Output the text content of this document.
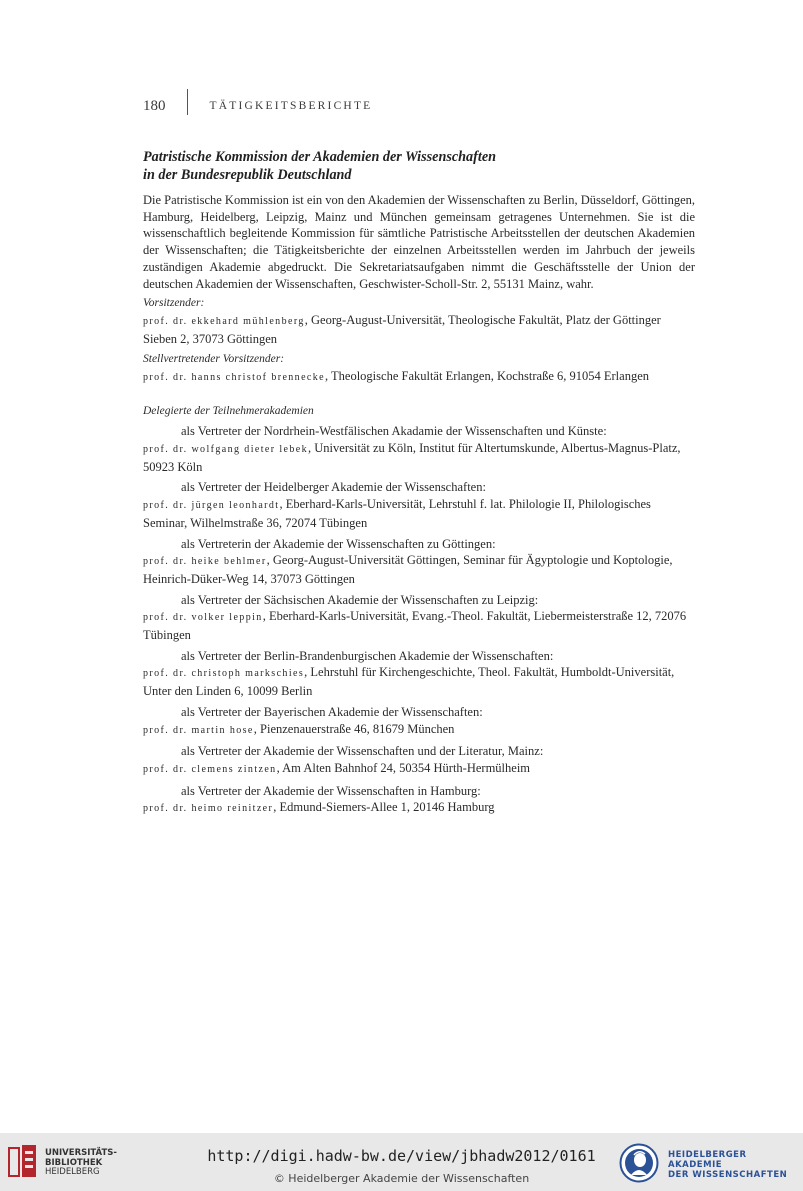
180	TÄTIGKEITSBERICHTE
Patristische Kommission der Akademien der Wissenschaften
in der Bundesrepublik Deutschland

Die Patristische Kommission ist ein von den Akademien der Wissenschaften zu Berlin, Düsseldorf, Göttingen, Hamburg, Heidelberg, Leipzig, Mainz und München gemeinsam getragenes Unternehmen. Sie ist die wissenschaftlich begleitende Kommission für sämtliche Patristische Arbeitsstellen der deutschen Akademien der Wissenschaften; die Tätigkeitsberichte der einzelnen Arbeitsstellen werden im Jahrbuch der jeweils zuständigen Akademie abgedruckt. Die Sekretariatsaufgaben nimmt die Geschäftsstelle der Union der deutschen Akademien der Wissenschaften, Geschwister-Scholl-Str. 2, 55131 Mainz, wahr.

Vorsitzender:

prof. dr. ekkehard mühlenberg, Georg-August-Universität, Theologische Fakultät, Platz der Göttinger Sieben 2, 37073 Göttingen

Stellvertretender Vorsitzender:

prof. dr. hanns christof brennecke, Theologische Fakultät Erlangen, Kochstraße 6, 91054 Erlangen

Delegierte der Teilnehmerakademien
als Vertreter der Nordrhein-Westfälischen Akadamie der Wissenschaften und Künste:
prof. dr. wolfgang dieter lebek, Universität zu Köln, Institut für Altertumskunde, Albertus-Magnus-Platz, 50923 Köln
als Vertreter der Heidelberger Akademie der Wissenschaften:
prof. dr. jürgen leonhardt, Eberhard-Karls-Universität, Lehrstuhl f. lat. Philologie II, Philologisches Seminar, Wilhelmstraße 36, 72074 Tübingen
als Vertreterin der Akademie der Wissenschaften zu Göttingen:
prof. dr. heike behlmer, Georg-August-Universität Göttingen, Seminar für Ägyptologie und Koptologie, Heinrich-Düker-Weg 14, 37073 Göttingen
als Vertreter der Sächsischen Akademie der Wissenschaften zu Leipzig:
prof. dr. volker leppin, Eberhard-Karls-Universität, Evang.-Theol. Fakultät, Liebermeisterstraße 12, 72076 Tübingen
als Vertreter der Berlin-Brandenburgischen Akademie der Wissenschaften:
prof. dr. christoph markschies, Lehrstuhl für Kirchengeschichte, Theol. Fakultät, Humboldt-Universität, Unter den Linden 6, 10099 Berlin
als Vertreter der Bayerischen Akademie der Wissenschaften:
prof. dr. martin hose, Pienzenauerstraße 46, 81679 München
als Vertreter der Akademie der Wissenschaften und der Literatur, Mainz:
prof. dr. clemens zintzen, Am Alten Bahnhof 24, 50354 Hürth-Hermülheim
als Vertreter der Akademie der Wissenschaften in Hamburg:
prof. dr. heimo reinitzer, Edmund-Siemers-Allee 1, 20146 Hamburg
UNIVERSITÄTS-
BIBLIOTHEK
HEIDELBERG
http://digi.hadw-bw.de/view/jbhadw2012/0161
© Heidelberger Akademie der Wissenschaften
HEIDELBERGER AKADEMIE
DER WISSENSCHAFTEN
